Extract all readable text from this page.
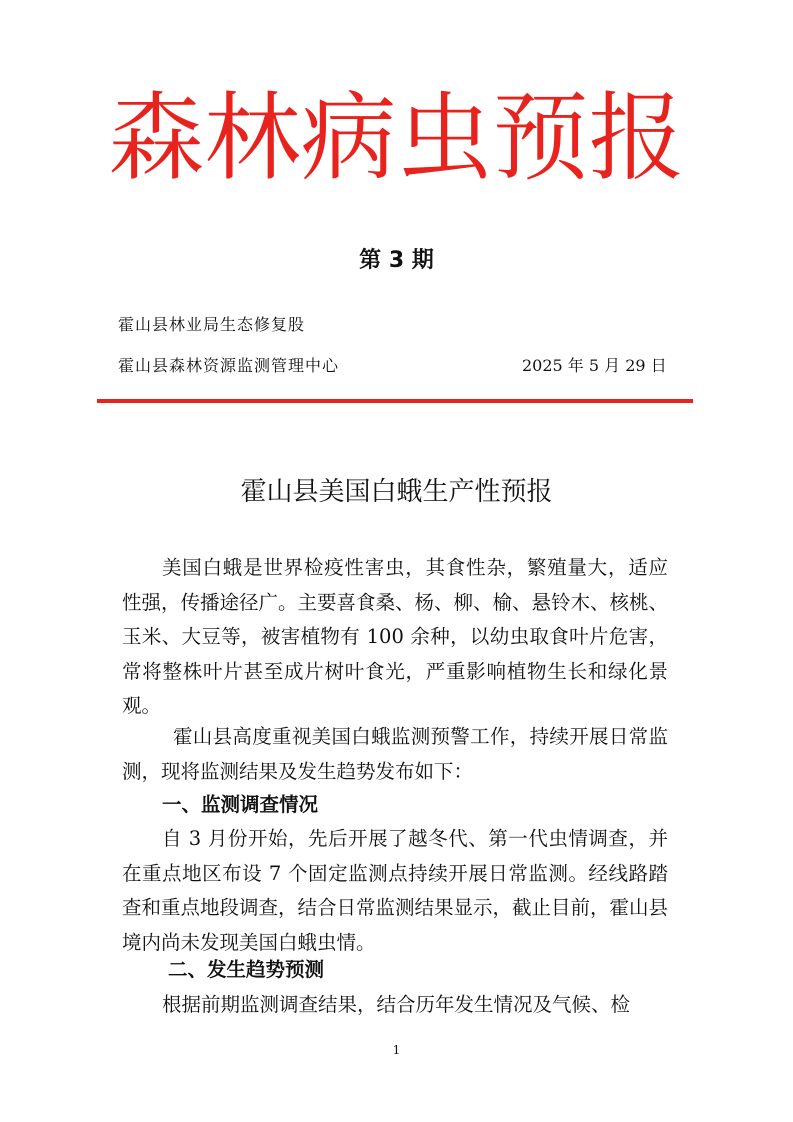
森林病虫预报
第 3 期
霍山县林业局生态修复股
霍山县森林资源监测管理中心	2025 年 5 月 29 日
霍山县美国白蛾生产性预报
美国白蛾是世界检疫性害虫，其食性杂，繁殖量大，适应性强，传播途径广。主要喜食桑、杨、柳、榆、悬铃木、核桃、玉米、大豆等，被害植物有 100 余种，以幼虫取食叶片危害，常将整株叶片甚至成片树叶食光，严重影响植物生长和绿化景观。
霍山县高度重视美国白蛾监测预警工作，持续开展日常监测，现将监测结果及发生趋势发布如下：
一、监测调查情况
自 3 月份开始，先后开展了越冬代、第一代虫情调查，并在重点地区布设 7 个固定监测点持续开展日常监测。经线路踏查和重点地段调查，结合日常监测结果显示，截止目前，霍山县境内尚未发现美国白蛾虫情。
二、发生趋势预测
根据前期监测调查结果，结合历年发生情况及气候、检
1
